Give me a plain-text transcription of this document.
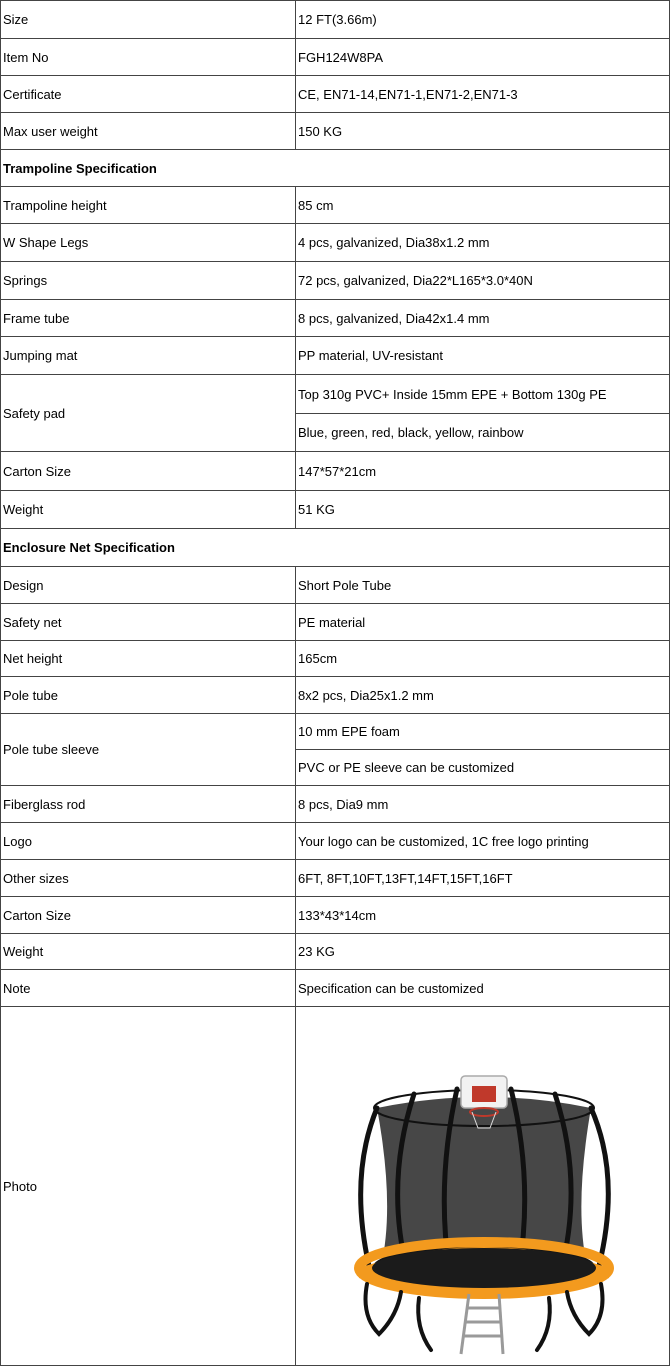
Size	12 FT(3.66m)
Item No	FGH124W8PA
Certificate	CE, EN71-14,EN71-1,EN71-2,EN71-3
Max user weight	150 KG
Trampoline Specification	
Trampoline height	85 cm
W Shape Legs	4 pcs, galvanized, Dia38x1.2 mm
Springs	72 pcs, galvanized, Dia22*L165*3.0*40N
Frame tube	8 pcs, galvanized, Dia42x1.4 mm
Jumping mat	PP material, UV-resistant
Safety pad	Top 310g PVC+ Inside 15mm EPE + Bottom 130g PE
	Blue, green, red, black, yellow, rainbow
Carton Size	147*57*21cm
Weight	51 KG
Enclosure Net Specification	
Design	Short Pole Tube
Safety net	PE material
Net height	165cm
Pole tube	8x2 pcs, Dia25x1.2 mm
Pole tube sleeve	10 mm EPE foam
	PVC or PE sleeve can be customized
Fiberglass rod	8 pcs, Dia9 mm
Logo	Your logo can be customized, 1C free logo printing
Other sizes	6FT, 8FT,10FT,13FT,14FT,15FT,16FT
Carton Size	133*43*14cm
Weight	23 KG
Note	Specification can be customized
Photo	
